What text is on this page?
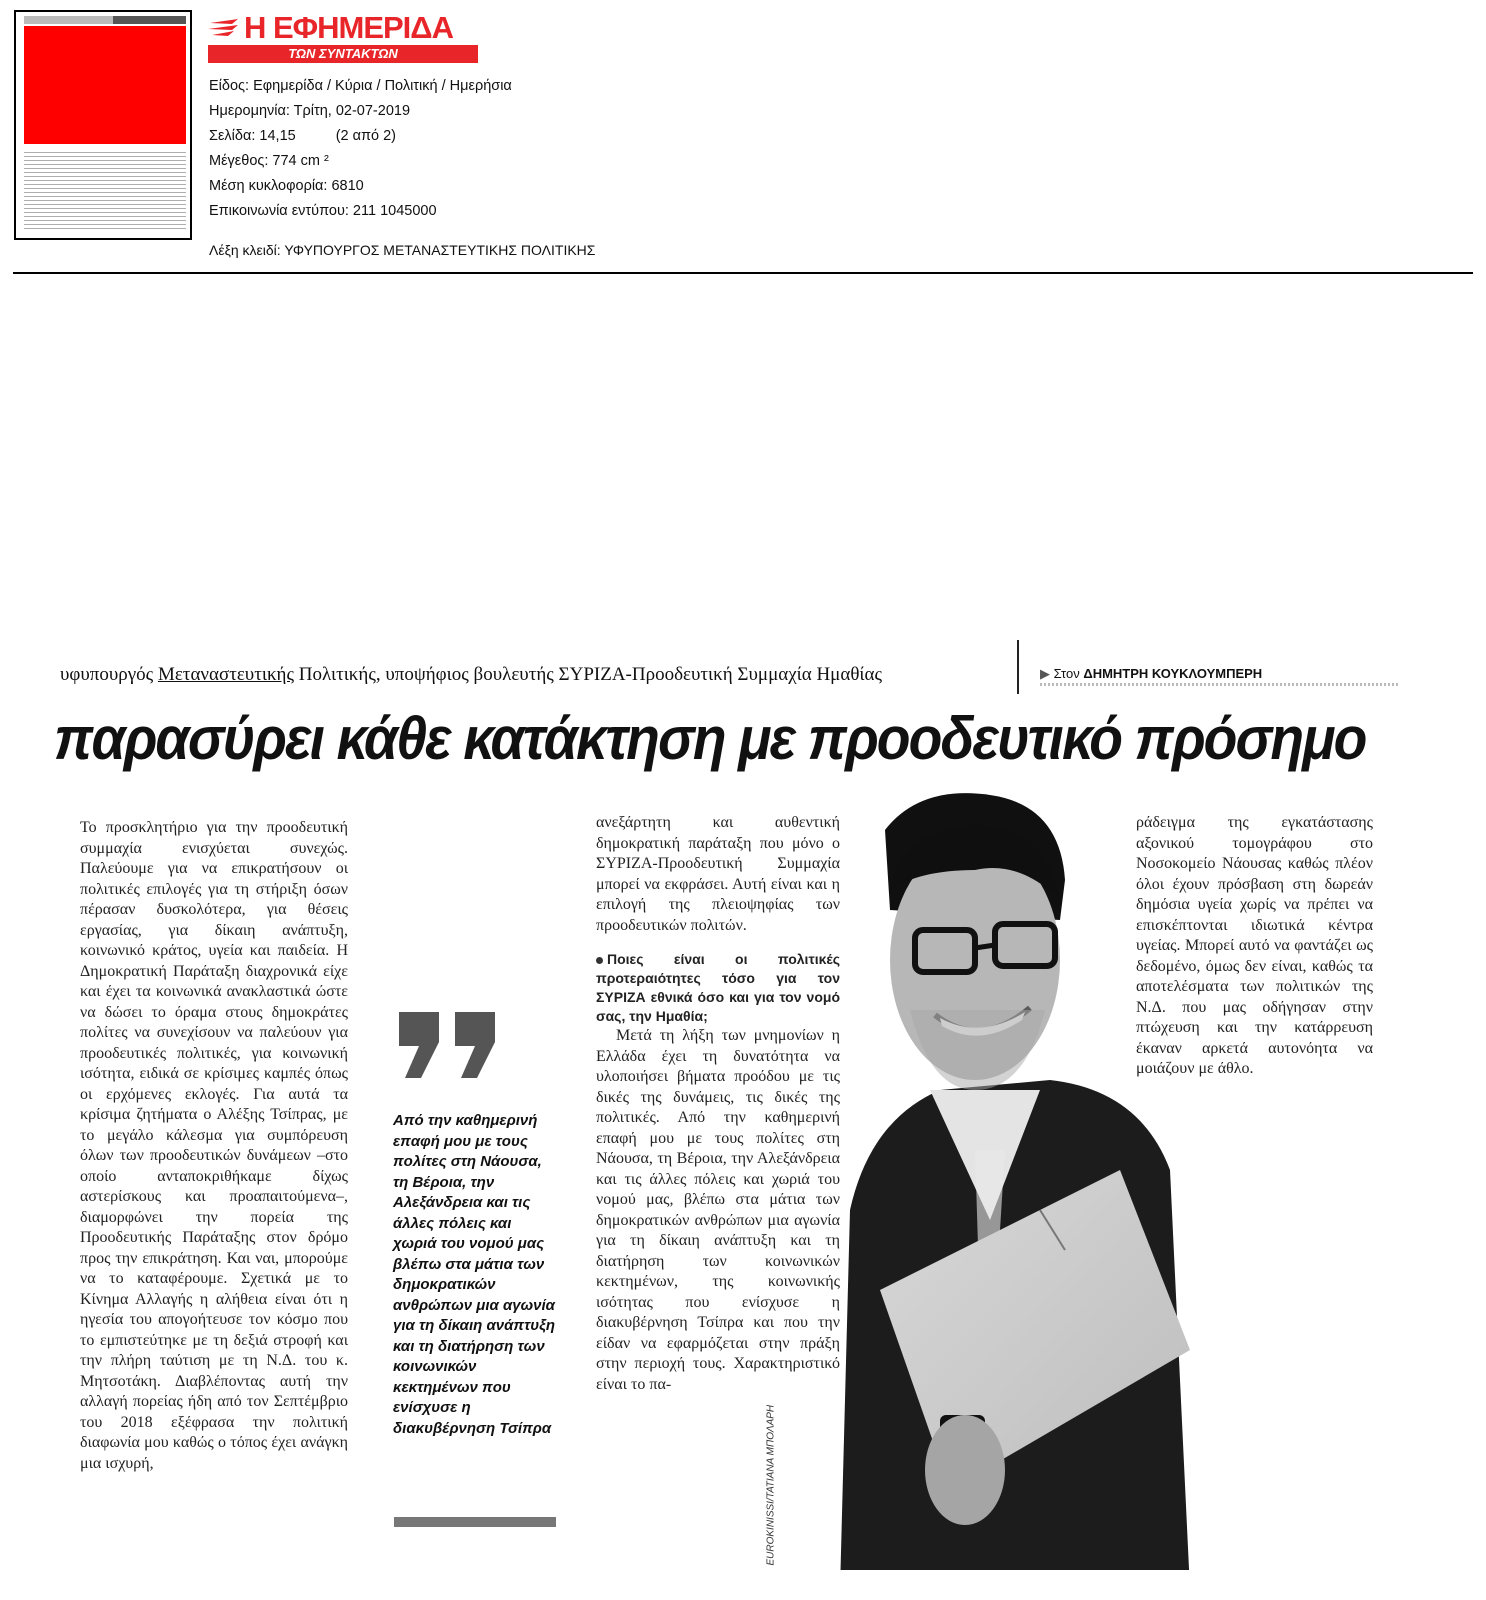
Η ΕΦΗΜΕΡΙΔΑ
ΤΩΝ ΣΥΝΤΑΚΤΩΝ
Είδος: Εφημερίδα / Κύρια / Πολιτική / Ημερήσια
Ημερομηνία: Τρίτη, 02-07-2019
Σελίδα: 14,15	(2 από 2)
Μέγεθος: 774 cm ²
Μέση κυκλοφορία: 6810
Επικοινωνία εντύπου: 211 1045000
Λέξη κλειδί: ΥΦΥΠΟΥΡΓΟΣ ΜΕΤΑΝΑΣΤΕΥΤΙΚΗΣ ΠΟΛΙΤΙΚΗΣ
υφυπουργός Μεταναστευτικής Πολιτικής, υποψήφιος βουλευτής ΣΥΡΙΖΑ-Προοδευτική Συμμαχία Ημαθίας	▶ Στον ΔΗΜΗΤΡΗ ΚΟΥΚΛΟΥΜΠΕΡΗ
παρασύρει κάθε κατάκτηση με προοδευτικό πρόσημο
Το προσκλητήριο για την προοδευτική συμμαχία ενισχύεται συνεχώς. Παλεύουμε για να επικρατήσουν οι πολιτικές επιλογές για τη στήριξη όσων πέρασαν δυσκολότερα, για θέσεις εργασίας, για δίκαιη ανάπτυξη, κοινωνικό κράτος, υγεία και παιδεία. Η Δημοκρατική Παράταξη διαχρονικά είχε και έχει τα κοινωνικά ανακλαστικά ώστε να δώσει το όραμα στους δημοκράτες πολίτες να συνεχίσουν να παλεύουν για προοδευτικές πολιτικές, για κοινωνική ισότητα, ειδικά σε κρίσιμες καμπές όπως οι ερχόμενες εκλογές. Για αυτά τα κρίσιμα ζητήματα ο Αλέξης Τσίπρας, με το μεγάλο κάλεσμα για συμπόρευση όλων των προοδευτικών δυνάμεων –στο οποίο ανταποκριθήκαμε δίχως αστερίσκους και προαπαιτούμενα–, διαμορφώνει την πορεία της Προοδευτικής Παράταξης στον δρόμο προς την επικράτηση. Και ναι, μπορούμε να το καταφέρουμε. Σχετικά με το Κίνημα Αλλαγής η αλήθεια είναι ότι η ηγεσία του απογοήτευσε τον κόσμο που το εμπιστεύτηκε με τη δεξιά στροφή και την πλήρη ταύτιση με τη Ν.Δ. του κ. Μητσοτάκη. Διαβλέποντας αυτή την αλλαγή πορείας ήδη από τον Σεπτέμβριο του 2018 εξέφρασα την πολιτική διαφωνία μου καθώς ο τόπος έχει ανάγκη μια ισχυρή,
ανεξάρτητη και αυθεντική δημοκρατική παράταξη που μόνο ο ΣΥΡΙΖΑ-Προοδευτική Συμμαχία μπορεί να εκφράσει. Αυτή είναι και η επιλογή της πλειοψηφίας των προοδευτικών πολιτών.
Ποιες είναι οι πολιτικές προτεραιότητες τόσο για τον ΣΥΡΙΖΑ εθνικά όσο και για τον νομό σας, την Ημαθία;
Μετά τη λήξη των μνημονίων η Ελλάδα έχει τη δυνατότητα να υλοποιήσει βήματα προόδου με τις δικές της δυνάμεις, τις δικές της πολιτικές. Από την καθημερινή επαφή μου με τους πολίτες στη Νάουσα, τη Βέροια, την Αλεξάνδρεια και τις άλλες πόλεις και χωριά του νομού μας, βλέπω στα μάτια των δημοκρατικών ανθρώπων μια αγωνία για τη δίκαιη ανάπτυξη και τη διατήρηση των κοινωνικών κεκτημένων, της κοινωνικής ισότητας που ενίσχυσε η διακυβέρνηση Τσίπρα και που την είδαν να εφαρμόζεται στην πράξη στην περιοχή τους. Χαρακτηριστικό είναι το πα-
ράδειγμα της εγκατάστασης αξονικού τομογράφου στο Νοσοκομείο Νάουσας καθώς πλέον όλοι έχουν πρόσβαση στη δωρεάν δημόσια υγεία χωρίς να πρέπει να επισκέπτονται ιδιωτικά κέντρα υγείας. Μπορεί αυτό να φαντάζει ως δεδομένο, όμως δεν είναι, καθώς τα αποτελέσματα των πολιτικών της Ν.Δ. που μας οδήγησαν στην πτώχευση και την κατάρρευση έκαναν αρκετά αυτονόητα να μοιάζουν με άθλο.
Από την καθημερινή επαφή μου με τους πολίτες στη Νάουσα, τη Βέροια, την Αλεξάνδρεια και τις άλλες πόλεις και χωριά του νομού μας βλέπω στα μάτια των δημοκρατικών ανθρώπων μια αγωνία για τη δίκαιη ανάπτυξη και τη διατήρηση των κοινωνικών κεκτημένων που ενίσχυσε η διακυβέρνηση Τσίπρα	EUROKINISSI/ΤΑΤΙΑΝΑ ΜΠΟΛΑΡΗ
